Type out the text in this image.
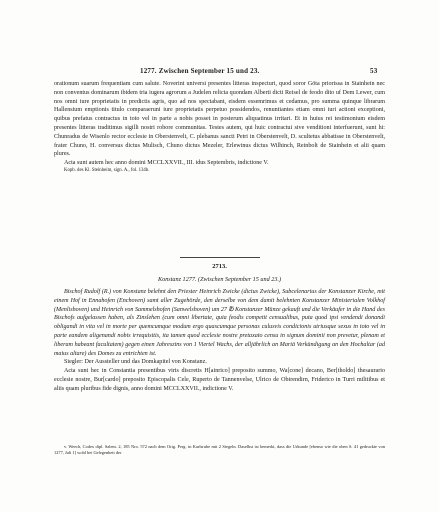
1277. Zwischen September 15 und 23.	53

orationum suarum frequentiam cum salute. Noverint universi presentes litteras inspecturi, quod soror Göta priorissa in Stainhein nec non conventus dominarum ibidem tria iugera agrorum a Judelen relicta quondam Alberti dicti Reisel de feodo dito uf Dem Lewer, cum nos omni iure proprietatis in predictis agris, quo ad nos spectabant, eisdem essemrimus et cedamus, pro summa quinque librarum Hallensium emptionis titulo comparaeruni iure proprietatis perpetuo possidendos, renuntiantes etiam omni iuri actioni exceptioni, quibus prefatus contractus in toto vel in parte a nobis posset in posterum aliquatinus irritari. Et in huius rei testimonium eisdem presentes litteras traditimus sigilli nostri robore communitas. Testes autem, qui huic contractui sive venditioni interfuerunt, sunt hi: Chunradus de Wisenlo rector ecclesie in Oberstenvelt, C. plebanus sancti Petri in Oberstenvelt, D. scultetus abbatisse in Oberstenvelt, frater Chuno, H. conversus dictus Mulisch, Chuno dictus Mezeler, Erlewinus dictus Wilhinch, Reinbolt de Stainhein et alii quam plures.

Acta sunt autem hec anno domini MCCLXXVII., III. idus Septembris, indictione V.

Kopb. des Kl. Steinheim, sign. A., fol. 134b.

2713.
Konstanz 1277. (Zwischen September 15 und 23.)

Bischof Rudolf (R.) von Konstanz belehnt den Priester Heinrich Zwicke (dictus Zwicke), Subcelenarius der Konstanzer Kirche, mit einem Hof in Ennahofen (Enchoven) samt aller Zugehörde, den derselbe von dem damit belehnten Konstanzer Ministerialen Volkhof (Menlishoven) und Heinrich von Sammelshofen (Sanwelshoven) um 27 ℔ Konstanzer Münze gekauft und die Verkäufer in die Hand des Bischofs aufgelassen haben, als Zinslehen (cum omni libertate, quia feodis competit censualibus, puta quod ipsi vendendi donandi obligandi in vita vel in morte per quemcumque modum ergo quascumque personas culusvis condicionis utriusque sexus in toto vel in parte eandem aligenandi nobis irrequisitis, ita tamen quod ecclesie nostre pretaxato censu in signum dominii non prevetur, plenam et liberam habeant facultatem) gegen einen Jahreszins von 1 Viertel Wachs, der alljährlich an Mariä Verkündigung an den Hochaltar (ad maius altare) des Domes zu entrichten ist.

Siegler: Der Aussteller und das Domkapitel von Konstanz.

Acta sunt hec in Constantia presentibus viris discretis H[ainrico] preposito summo, Wa[cone] decano, Ber[tholdo] thesaurario ecclesie nostre, Bur[cardo] preposito Episcopalis Cele, Ruperto de Tannenvelse, Ulrico de Obirendirn, Friderico in Turri militibus et aliis quam pluribus fide dignis, anno domini MCCLXXVII., indictione V.

v. Weech, Codex dipl. Salem. 2, 185 Nro. 572 nach dem Orig. Perg. in Karlsruhe mit 2 Siegeln. Daselbst ist bemerkt, dass die Urkunde [ebenso wie die oben S. 41 gedruckte von 1277, Juli 1] wohl bei Gelegenheit der
